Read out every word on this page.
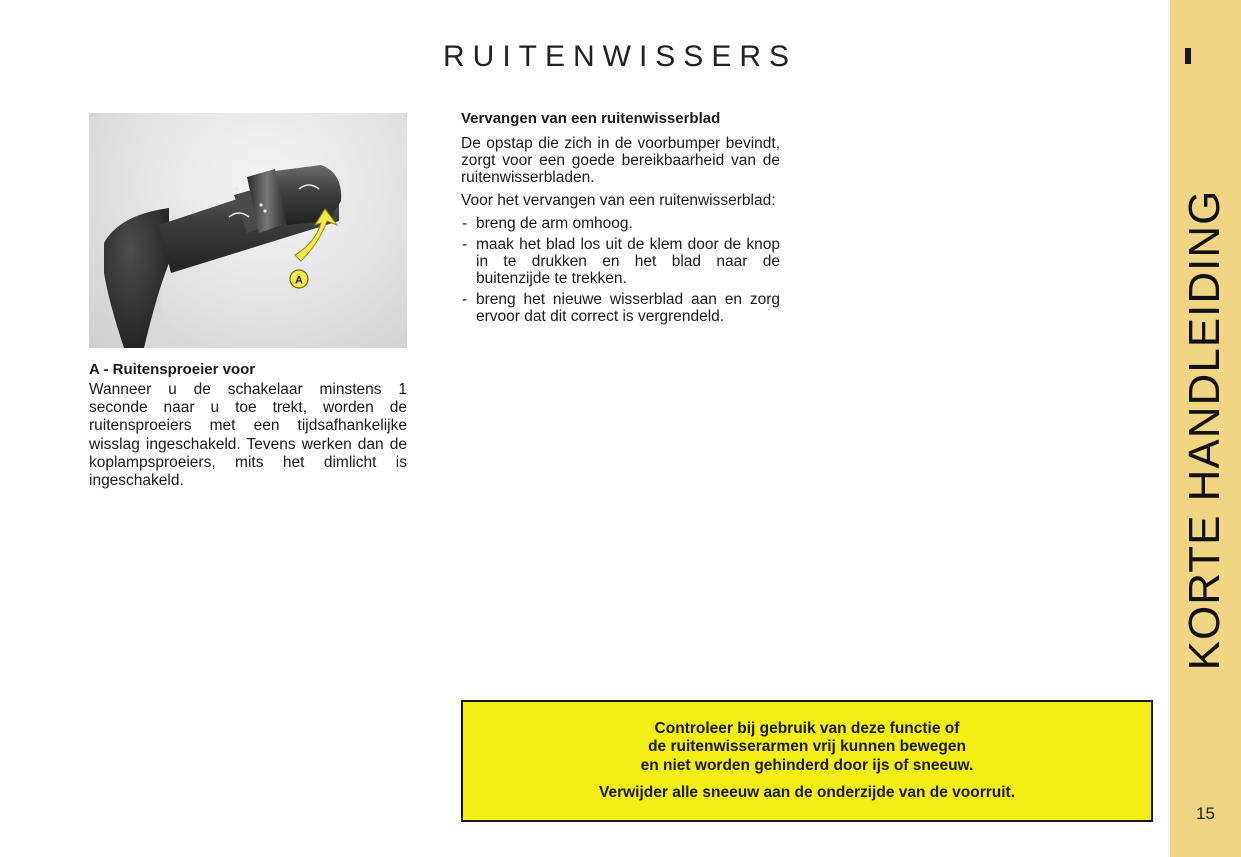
RUITENWISSERS
KORTE HANDLEIDING
15
A
A - Ruitensproeier voor

Wanneer u de schakelaar minstens 1 seconde naar u toe trekt, worden de ruitensproeiers met een tijdsafhankelijke wisslag ingeschakeld. Tevens werken dan de koplampsproeiers, mits het dimlicht is ingeschakeld.

Vervangen van een ruitenwisserblad

De opstap die zich in de voorbumper bevindt, zorgt voor een goede bereikbaarheid van de ruitenwisserbladen.

Voor het vervangen van een ruitenwisserblad:

- breng de arm omhoog.
- maak het blad los uit de klem door de knop in te drukken en het blad naar de buitenzijde te trekken.
- breng het nieuwe wisserblad aan en zorg ervoor dat dit correct is vergrendeld.
Controleer bij gebruik van deze functie of
de ruitenwisserarmen vrij kunnen bewegen
en niet worden gehinderd door ijs of sneeuw.
Verwijder alle sneeuw aan de onderzijde van de voorruit.
